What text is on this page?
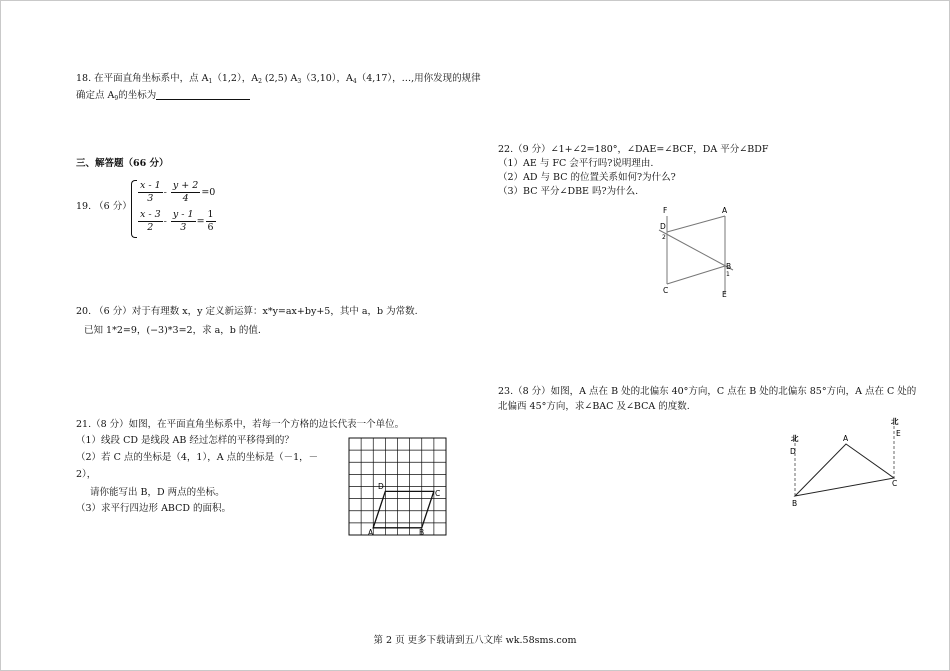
18. 在平面直角坐标系中，点 $A_1(1,2)$，$A_2$ (2,5) $A_3(3,10)$，$A_4(4,17)$，…,用你发现的规律
确定点 $A_9$的坐标为
三、解答题（66 分）
19. （6 分）
$\frac{x - 1}{3} - \frac{y + 2}{4} =0$
$\frac{x - 3}{2} - \frac{y - 1}{3} = \frac{1}{6}$
20. （6 分）对于有理数 x，y 定义新运算：x*y=ax+by+5，其中 a，b 为常数.
已知 1*2=9，(−3)*3=2，求 a，b 的值.
21.（8 分）如图，在平面直角坐标系中，若每一个方格的边长代表一个单位。
（1）线段 CD 是线段 AB 经过怎样的平移得到的？
（2）若 C 点的坐标是（4，1），A 点的坐标是（－1，－
2），
请你能写出 B，D 两点的坐标。
（3）求平行四边形 ABCD 的面积。
A	B
C
D
22.（9 分）∠1+∠2=180°，∠DAE=∠BCF，DA 平分∠BDF
（1）AE 与 FC 会平行吗?说明理由.
（2）AD 与 BC 的位置关系如何?为什么?
（3）BC 平分∠DBE 吗?为什么.
F	A
D
2
B
1
C	E
23.（8 分）如图，A 点在 B 处的北偏东 40°方向，C 点在 B 处的北偏东 85°方向，A 点在 C 处的
北偏西 45°方向，求∠BAC 及∠BCA 的度数.
北
D
A
北
E
B
C
第 2 页 更多下载请到五八文库 wk.58sms.com
